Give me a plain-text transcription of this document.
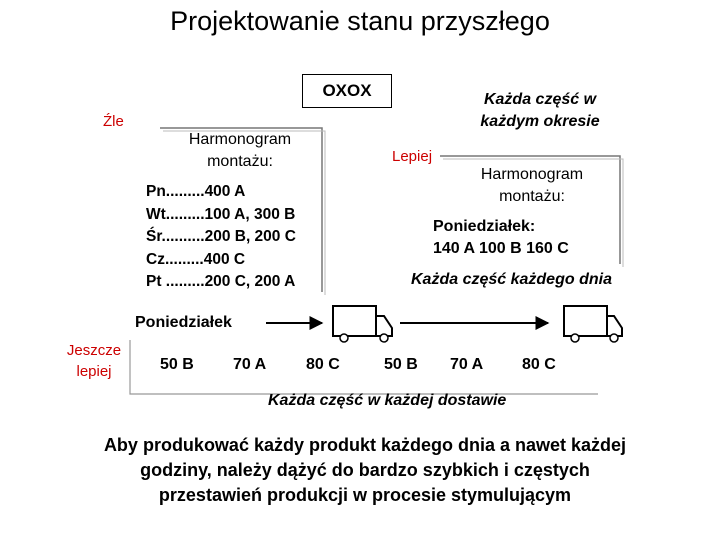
Projektowanie stanu przyszłego
OXOX
Źle
Lepiej
Jeszcze
lepiej
Każda część w
każdym okresie
Harmonogram
montażu:
Pn.........400 A
Wt.........100 A, 300 B
Śr..........200 B, 200 C
Cz.........400 C
Pt .........200 C, 200 A
Harmonogram
montażu:
Poniedziałek:
140 A 100 B 160 C
Każda część każdego dnia
Poniedziałek
50 B 70 A 80 C	50 B 70 A 80 C
Każda część w każdej dostawie
Aby produkować każdy produkt każdego dnia a nawet każdej
godziny, należy dążyć do bardzo szybkich i częstych
przestawień produkcji w procesie stymulującym
